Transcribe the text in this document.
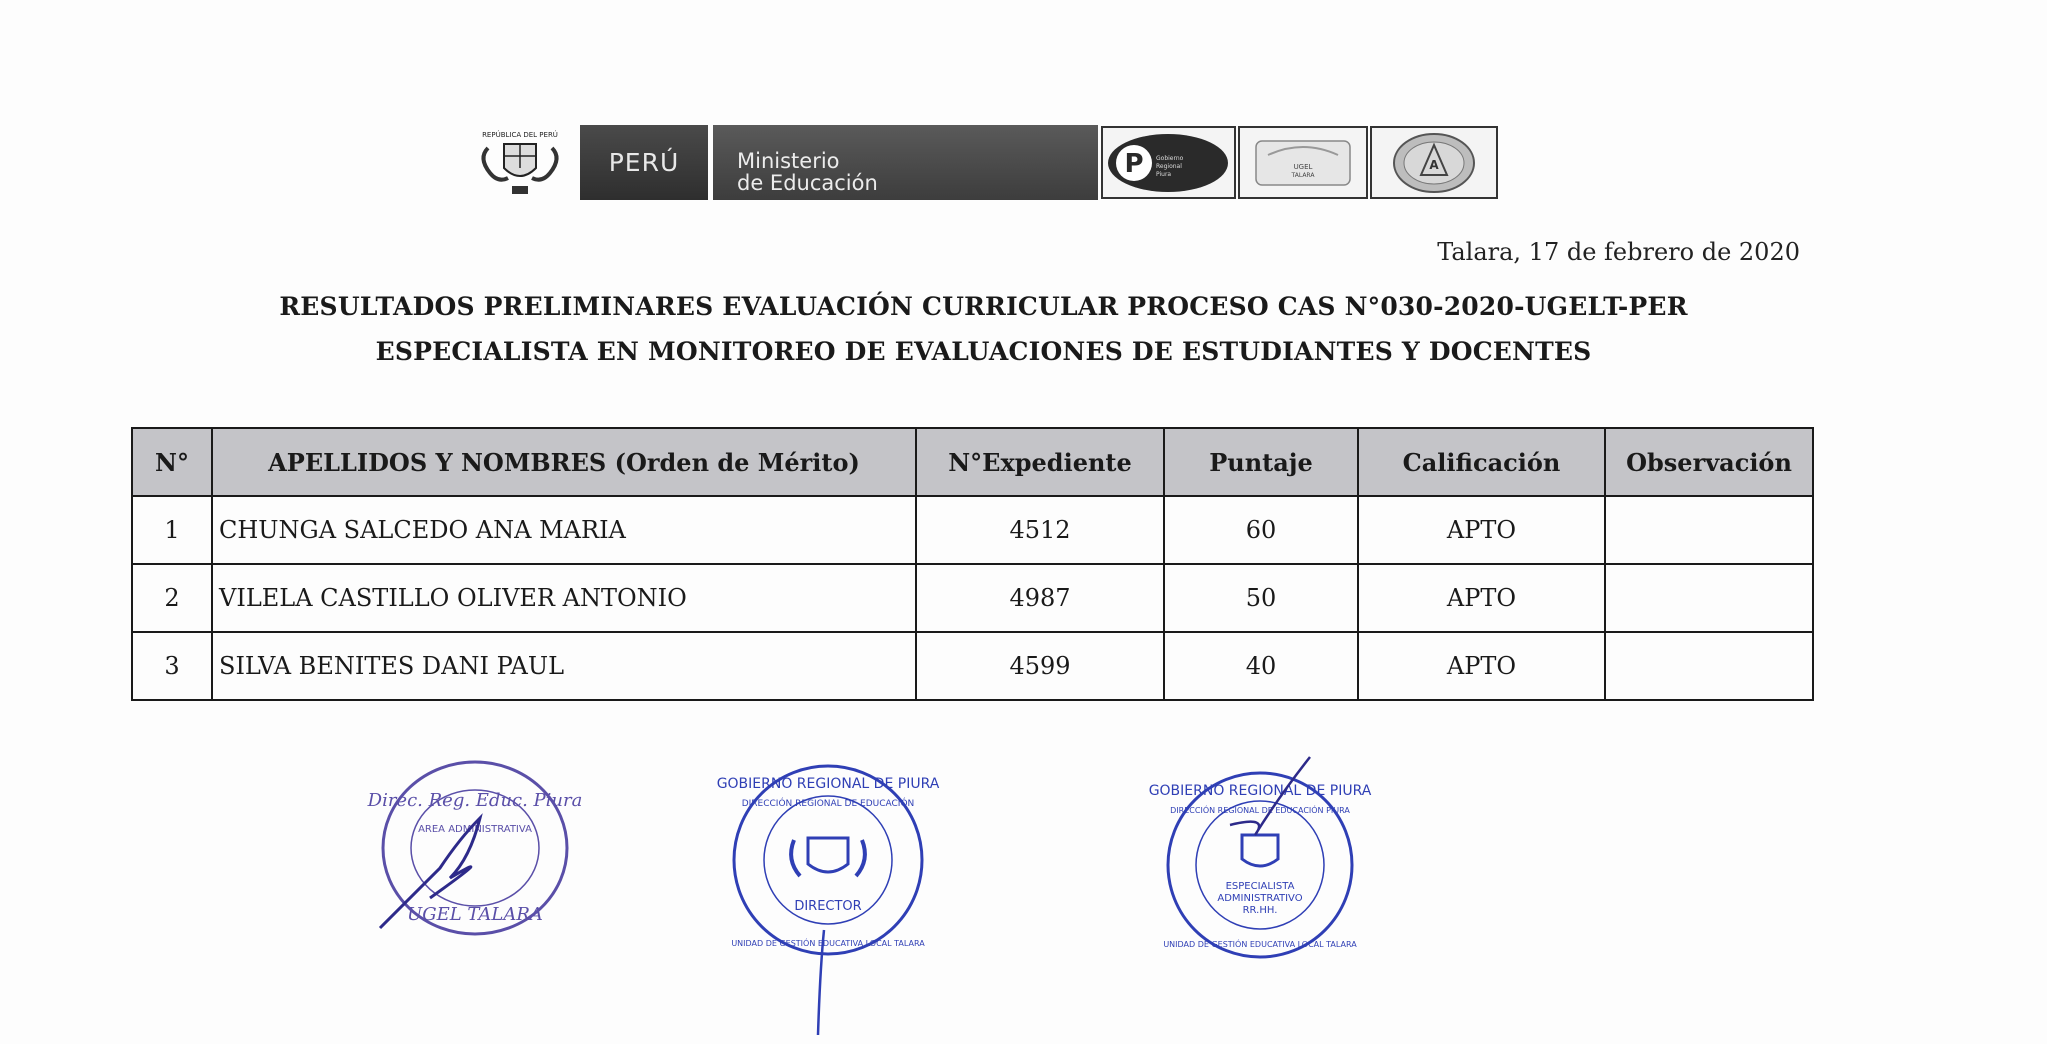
REPÚBLICA DEL PERÚ
PERÚ	Ministerio
de Educación
P Gobierno
Regional
Piura
UGEL
TALARA
A
Talara, 17 de febrero de 2020
RESULTADOS PRELIMINARES EVALUACIÓN CURRICULAR PROCESO CAS N°030-2020-UGELT-PER
ESPECIALISTA EN MONITOREO DE EVALUACIONES DE ESTUDIANTES Y DOCENTES
N°	APELLIDOS Y NOMBRES (Orden de Mérito)	N°Expediente	Puntaje	Calificación	Observación
1	CHUNGA SALCEDO ANA MARIA	4512	60	APTO	
2	VILELA CASTILLO OLIVER ANTONIO	4987	50	APTO	
3	SILVA BENITES DANI PAUL	4599	40	APTO	
Direc. Reg. Educ. Piura
AREA ADMINISTRATIVA
UGEL TALARA
GOBIERNO REGIONAL DE PIURA
DIRECCIÓN REGIONAL DE EDUCACIÓN
DIRECTOR
UNIDAD DE GESTIÓN EDUCATIVA LOCAL TALARA
GOBIERNO REGIONAL DE PIURA
DIRECCIÓN REGIONAL DE EDUCACIÓN PIURA
ESPECIALISTA
ADMINISTRATIVO
RR.HH.
UNIDAD DE GESTIÓN EDUCATIVA LOCAL TALARA
